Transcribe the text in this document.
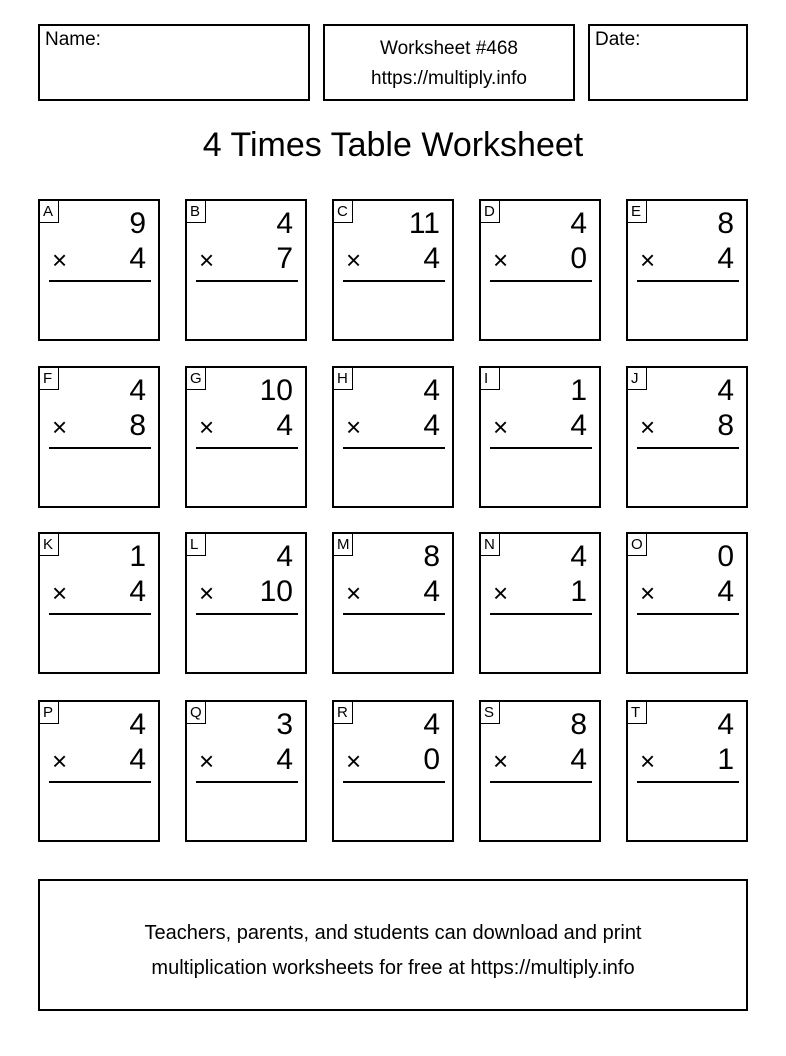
Name:	Worksheet #468
https://multiply.info
Date:
4 Times Table Worksheet
A	9
× 4
B	4
× 7
C 11
× 4
D	4
× 0
E	8
× 4
F	4
× 8
G 10
× 4
H	4
× 4
I	1
× 4
J	4
× 8
K	1
× 4
L	4
× 10
M 8
× 4
N	4
× 1
O 0
× 4
P	4
× 4
Q 3
× 4
R	4
× 0
S	8
× 4
T	4
× 1
Teachers, parents, and students can download and print
multiplication worksheets for free at https://multiply.info
